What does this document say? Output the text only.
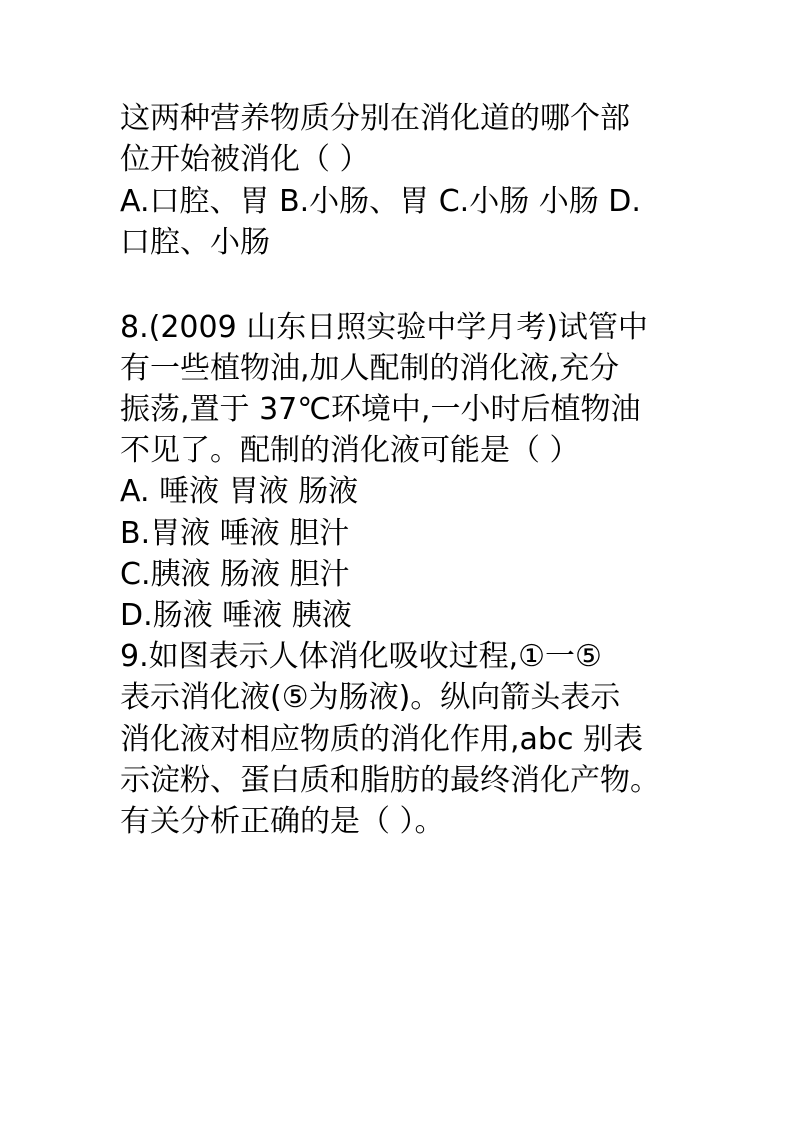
这两种营养物质分别在消化道的哪个部
位开始被消化（ ）
A.口腔、胃 B.小肠、胃 C.小肠 小肠 D.
口腔、小肠
8.(2009 山东日照实验中学月考)试管中
有一些植物油,加人配制的消化液,充分
振荡,置于 37℃环境中,一小时后植物油
不见了。配制的消化液可能是（ ）
A. 唾液 胃液 肠液
B.胃液 唾液 胆汁
C.胰液 肠液 胆汁
D.肠液 唾液 胰液
9.如图表示人体消化吸收过程,①一⑤
表示消化液(⑤为肠液)。纵向箭头表示
消化液对相应物质的消化作用,abc 别表
示淀粉、蛋白质和脂肪的最终消化产物。
有关分析正确的是（ ）。
